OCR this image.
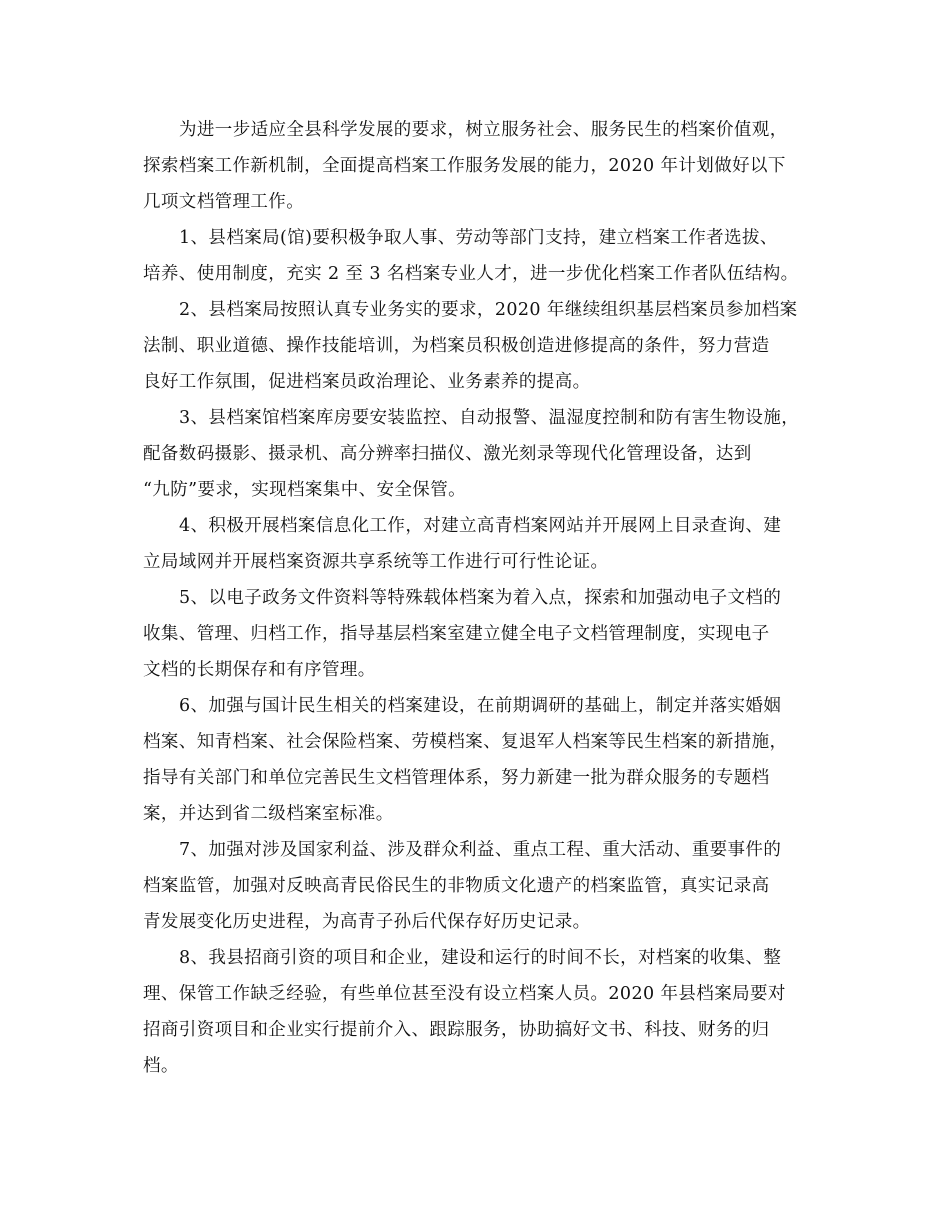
为进一步适应全县科学发展的要求，树立服务社会、服务民生的档案价值观，
探索档案工作新机制，全面提高档案工作服务发展的能力，2020 年计划做好以下
几项文档管理工作。
1、县档案局(馆)要积极争取人事、劳动等部门支持，建立档案工作者选拔、
培养、使用制度，充实 2 至 3 名档案专业人才，进一步优化档案工作者队伍结构。
2、县档案局按照认真专业务实的要求，2020 年继续组织基层档案员参加档案
法制、职业道德、操作技能培训，为档案员积极创造进修提高的条件，努力营造
良好工作氛围，促进档案员政治理论、业务素养的提高。
3、县档案馆档案库房要安装监控、自动报警、温湿度控制和防有害生物设施，
配备数码摄影、摄录机、高分辨率扫描仪、激光刻录等现代化管理设备，达到
“九防”要求，实现档案集中、安全保管。
4、积极开展档案信息化工作，对建立高青档案网站并开展网上目录查询、建
立局域网并开展档案资源共享系统等工作进行可行性论证。
5、以电子政务文件资料等特殊载体档案为着入点，探索和加强动电子文档的
收集、管理、归档工作，指导基层档案室建立健全电子文档管理制度，实现电子
文档的长期保存和有序管理。
6、加强与国计民生相关的档案建设，在前期调研的基础上，制定并落实婚姻
档案、知青档案、社会保险档案、劳模档案、复退军人档案等民生档案的新措施，
指导有关部门和单位完善民生文档管理体系，努力新建一批为群众服务的专题档
案，并达到省二级档案室标准。
7、加强对涉及国家利益、涉及群众利益、重点工程、重大活动、重要事件的
档案监管，加强对反映高青民俗民生的非物质文化遗产的档案监管，真实记录高
青发展变化历史进程，为高青子孙后代保存好历史记录。
8、我县招商引资的项目和企业，建设和运行的时间不长，对档案的收集、整
理、保管工作缺乏经验，有些单位甚至没有设立档案人员。2020 年县档案局要对
招商引资项目和企业实行提前介入、跟踪服务，协助搞好文书、科技、财务的归
档。
